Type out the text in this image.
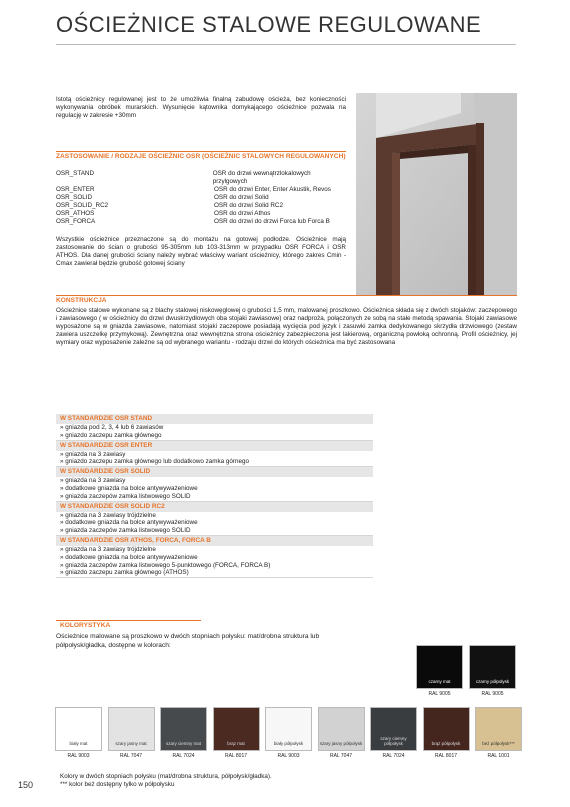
OŚCIEŻNICE STALOWE REGULOWANE
Istotą ościeżnicy regulowanej jest to że umożliwia finalną zabudowę ościeża, bez konieczności wykonywania obróbek murarskich. Wysunięcie kątownika domykającego ościeżnice pozwala na regulację w zakresie +30mm
ZASTOSOWANIE / RODZAJE OŚCIEŻNIC OSR (OŚCIEŻNIC STALOWYCH REGULOWANYCH)
OSR_STAND	OSR do drzwi wewnątrzlokalowych przylgowych
OSR_ENTER	OSR do drzwi Enter, Enter Akustik, Revos
OSR_SOLID	OSR do drzwi Solid
OSR_SOLID_RC2	OSR do drzwi Solid RC2
OSR_ATHOS	OSR do drzwi Athos
OSR_FORCA	OSR do drzwi do drzwi Forca lub Forca B
Wszystkie ościeżnice przeznaczone są do montażu na gotowej podłodze. Ościeżnice mają zastosowanie do ścian o grubości 95-305mm lub 103-313mm w przypadku OSR FORCA i OSR ATHOS. Dla danej grubości ściany należy wybrać właściwy wariant ościeżnicy, którego zakres Cmin - Cmax zawierał będzie grubość gotowej ściany
KONSTRUKCJA
Ościeżnice stalowe wykonane są z blachy stalowej niskowęglowej o grubości 1,5 mm, malowanej proszkowo. Ościeżnica składa się z dwóch stojaków: zaczepowego i zawiasowego ( w ościeżnicy do drzwi dwuskrzydłowych oba stojaki zawiasowe) oraz nadproża, połączonych ze sobą na stałe metodą spawania. Stojaki zawiasowe wyposażone są w gniazda zawiasowe, natomiast stojaki zaczepowe posiadają wycięcia pod język i zasuwki zamka dedykowanego skrzydła drzwiowego (zestaw zawiera uszczelkę przymykową). Zewnętrzna oraz wewnętrzna strona ościeżnicy zabezpieczona jest lakierową, organiczną powłoką ochronną. Profil ościeżnicy, jej wymiary oraz wyposażenie zależne są od wybranego wariantu - rodzaju drzwi do których ościeżnica ma być zastosowana
W STANDARDZIE OSR STAND
» gniazda pod 2, 3, 4 lub 6 zawiasów
» gniazdo zaczepu zamka głównego
W STANDARDZIE OSR ENTER
» gniazda na 3 zawiasy
» gniazdo zaczepu zamka głównego lub dodatkowo zamka górnego
W STANDARDZIE OSR SOLID
» gniazda na 3 zawiasy
» dodatkowe gniazda na bolce antywyważeniowe
» gniazda zaczepów zamka listwowego SOLID
W STANDARDZIE OSR SOLID RC2
» gniazda na 3 zawiasy trójdzielne
» dodatkowe gniazda na bolce antywyważeniowe
» gniazda zaczepów zamka listwowego SOLID
W STANDARDZIE OSR ATHOS, FORCA, FORCA B
» gniazda na 3 zawiasy trójdzielne
» dodatkowe gniazda na bolce antywyważeniowe
» gniazda zaczepów zamka listwowego 5-punktowego (FORCA, FORCA B)
» gniazdo zaczepu zamka głównego (ATHOS)
KOLORYSTYKA
Ościeżnice malowane są proszkowo w dwóch stopniach połysku: mat/drobna struktura lub półpołysk/gładka, dostępne w kolorach:
czarny mat
RAL 9005
czarny półpołysk
RAL 9005
biały mat
RAL 9003
szary jasny mat
RAL 7047
szary ciemny mat
RAL 7024
brąz mat
RAL 8017
biały półpołysk
RAL 9003
szary jasny półpołysk
RAL 7047
szary ciemny półpołysk
RAL 7024
brąz półpołysk
RAL 8017
beż półpołysk***
RAL 1001
Kolory w dwóch stopniach połysku (mat/drobna struktura, półpołysk/gładka).
*** kolor beż dostępny tylko w półpołysku
150
